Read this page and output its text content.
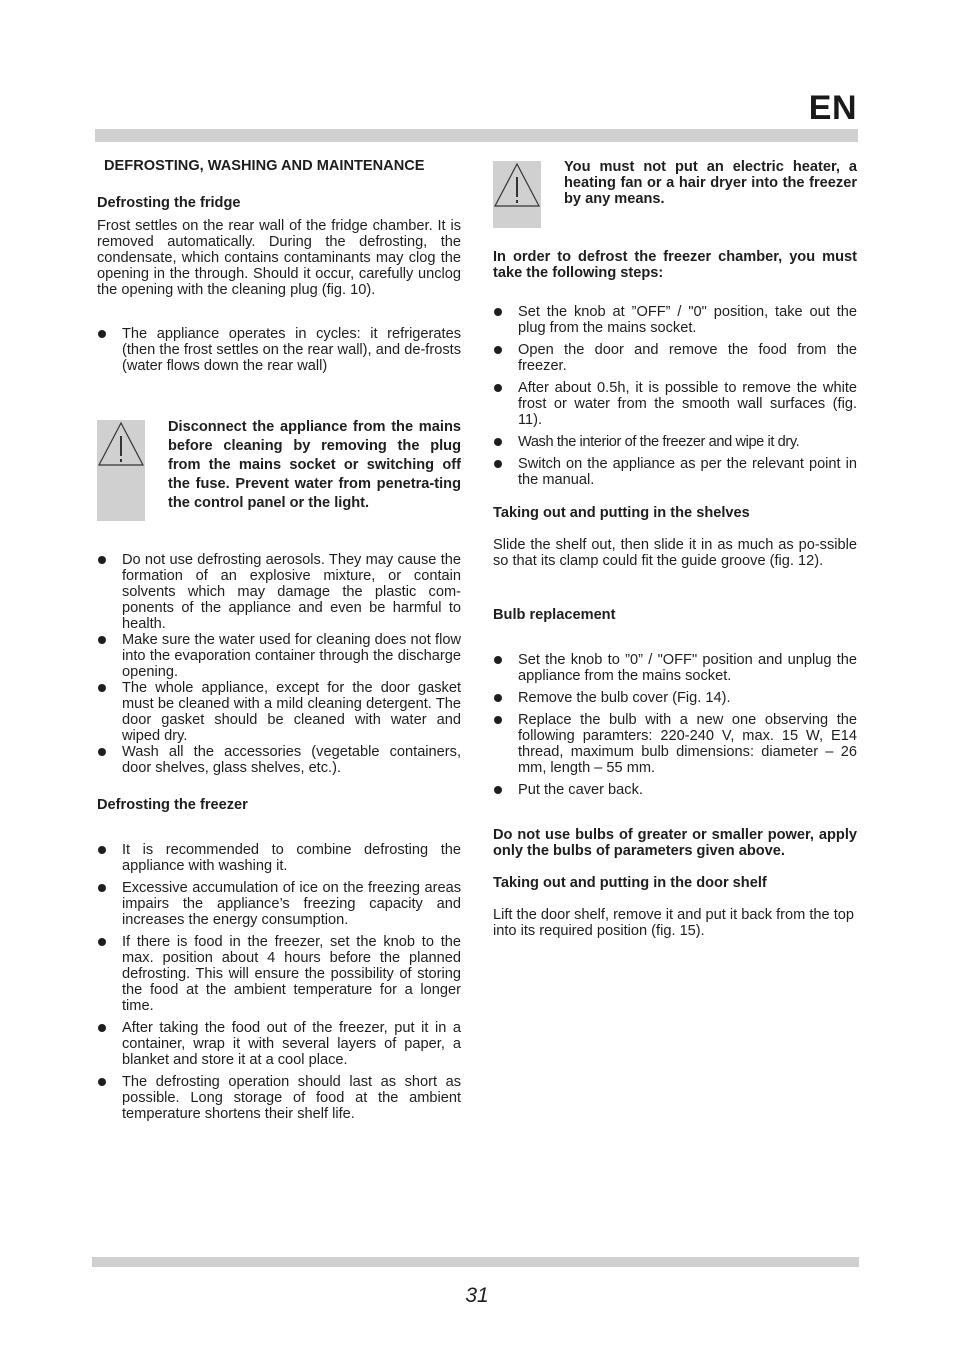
EN
DEFROSTING, WASHING AND MAINTENANCE
Defrosting the fridge

Frost settles on the rear wall of the fridge chamber. It is removed automatically. During the defrosting, the condensate, which contains contaminants may clog the opening in the through. Should it occur, carefully unclog the opening with the cleaning plug (fig. 10).

The appliance operates in cycles: it refrigerates (then the frost settles on the rear wall), and de-frosts (water flows down the rear wall)
Disconnect the appliance from the mains before cleaning by removing the plug from the mains socket or switching off the fuse. Prevent water from penetra-ting the control panel or the light.
Do not use defrosting aerosols. They may cause the formation of an explosive mixture, or contain solvents which may damage the plastic com-ponents of the appliance and even be harmful to health.
Make sure the water used for cleaning does not flow into the evaporation container through the discharge opening.
The whole appliance, except for the door gasket must be cleaned with a mild cleaning detergent. The door gasket should be cleaned with water and wiped dry.
Wash all the accessories (vegetable containers, door shelves, glass shelves, etc.).
Defrosting the freezer
It is recommended to combine defrosting the appliance with washing it.
Excessive accumulation of ice on the freezing areas impairs the appliance’s freezing capacity and increases the energy consumption.
If there is food in the freezer, set the knob to the max. position about 4 hours before the planned defrosting. This will ensure the possibility of storing the food at the ambient temperature for a longer time.
After taking the food out of the freezer, put it in a container, wrap it with several layers of paper, a blanket and store it at a cool place.
The defrosting operation should last as short as possible. Long storage of food at the ambient temperature shortens their shelf life.
You must not put an electric heater, a heating fan or a hair dryer into the freezer by any means.
In order to defrost the freezer chamber, you must take the following steps:
Set the knob at ”OFF” / "0" position, take out the plug from the mains socket.
Open the door and remove the food from the freezer.
After about 0.5h, it is possible to remove the white frost or water from the smooth wall surfaces (fig. 11).
Wash the interior of the freezer and wipe it dry.
Switch on the appliance as per the relevant point in the manual.
Taking out and putting in the shelves

Slide the shelf out, then slide it in as much as po-ssible so that its clamp could fit the guide groove (fig. 12).

Bulb replacement
Set the knob to ”0” / "OFF" position and unplug the appliance from the mains socket.
Remove the bulb cover (Fig. 14).
Replace the bulb with a new one observing the following paramters: 220-240 V, max. 15 W, E14 thread, maximum bulb dimensions: diameter – 26 mm, length – 55 mm.
Put the caver back.
Do not use bulbs of greater or smaller power, apply only the bulbs of parameters given above.
Taking out and putting in the door shelf

Lift the door shelf, remove it and put it back from the top into its required position (fig. 15).

31
